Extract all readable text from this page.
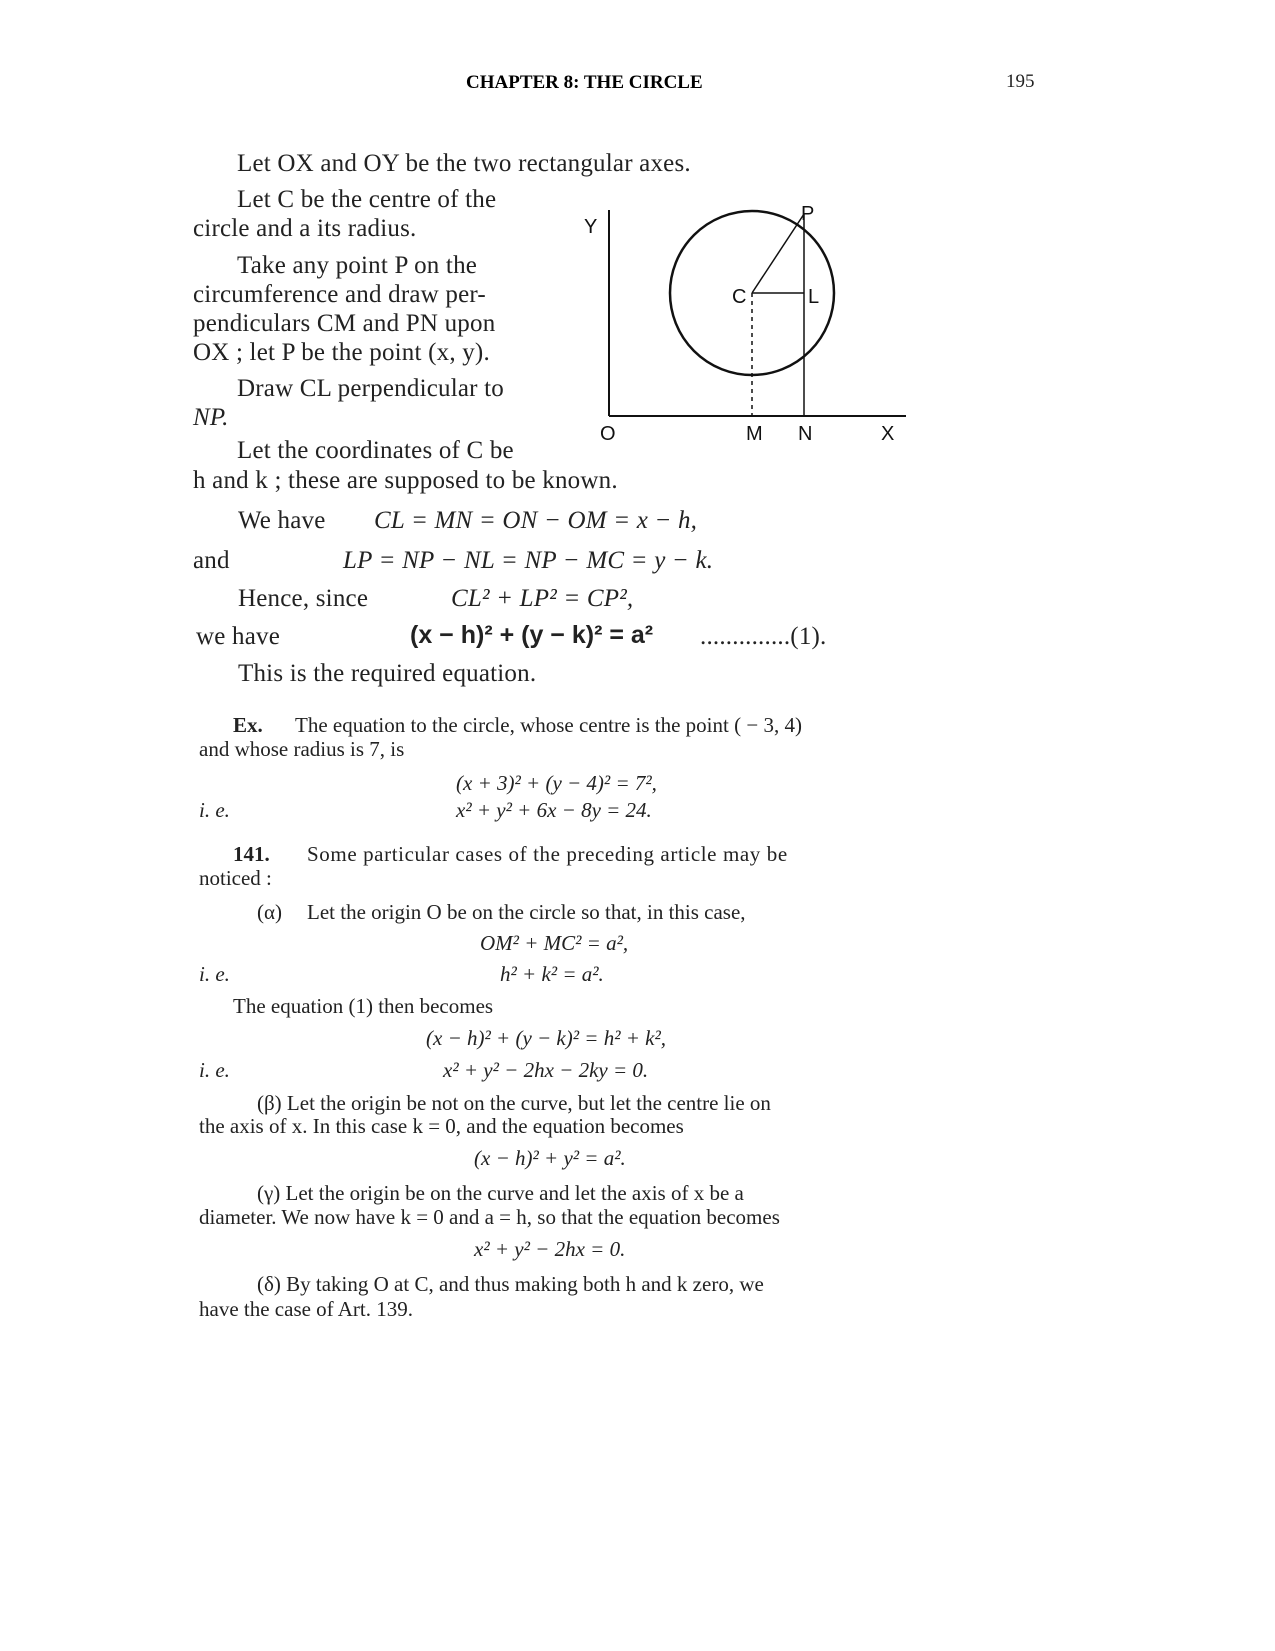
CHAPTER 8: THE CIRCLE	195
Let OX and OY be the two rectangular axes.
Let C be the centre of the
circle and a its radius.
Take any point P on the
circumference and draw per-
pendiculars CM and PN upon
OX ; let P be the point (x, y).
Draw CL perpendicular to
NP.
Let the coordinates of C be
h and k ; these are supposed to be known.
Y
P
C	L
O	M N	X
We have CL = MN = ON − OM = x − h,
and	LP = NP − NL = NP − MC = y − k.
Hence, since	CL² + LP² = CP²,
we have	(x − h)² + (y − k)² = a² ..............(1).
This is the required equation.
Ex. The equation to the circle, whose centre is the point ( − 3, 4)
and whose radius is 7, is
(x + 3)² + (y − 4)² = 7²,
i. e.	x² + y² + 6x − 8y = 24.
141. Some particular cases of the preceding article may be
noticed :
(α) Let the origin O be on the circle so that, in this case,
OM² + MC² = a²,
i. e.	h² + k² = a².
The equation (1) then becomes
(x − h)² + (y − k)² = h² + k²,
i. e.	x² + y² − 2hx − 2ky = 0.
(β) Let the origin be not on the curve, but let the centre lie on
the axis of x. In this case k = 0, and the equation becomes
(x − h)² + y² = a².
(γ) Let the origin be on the curve and let the axis of x be a
diameter. We now have k = 0 and a = h, so that the equation becomes
x² + y² − 2hx = 0.
(δ) By taking O at C, and thus making both h and k zero, we
have the case of Art. 139.
